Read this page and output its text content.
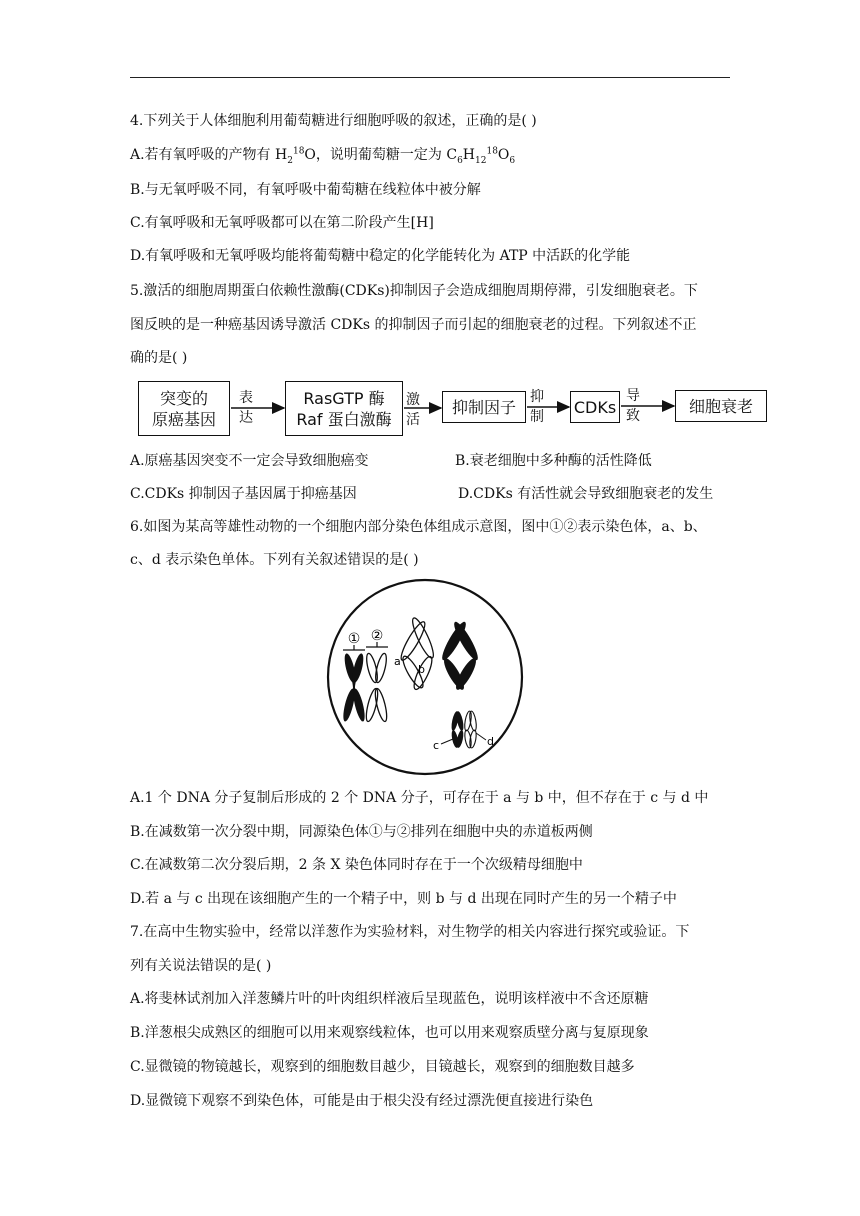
4.下列关于人体细胞利用葡萄糖进行细胞呼吸的叙述，正确的是( )
A.若有氧呼吸的产物有 $H_2^{18}O$，说明葡萄糖一定为 $C_6H_{12}^{18}O_6$
B.与无氧呼吸不同，有氧呼吸中葡萄糖在线粒体中被分解
C.有氧呼吸和无氧呼吸都可以在第二阶段产生[H]
D.有氧呼吸和无氧呼吸均能将葡萄糖中稳定的化学能转化为 ATP 中活跃的化学能
5.激活的细胞周期蛋白依赖性激酶(CDKs)抑制因子会造成细胞周期停滞，引发细胞衰老。下
图反映的是一种癌基因诱导激活 CDKs 的抑制因子而引起的细胞衰老的过程。下列叙述不正
确的是( )
突变的
原癌基因
RasGTP 酶
Raf 蛋白激酶
抑制因子	CDKs	细胞衰老
表达
激活
抑制
导致
A.原癌基因突变不一定会导致细胞癌变	B.衰老细胞中多种酶的活性降低
C.CDKs 抑制因子基因属于抑癌基因	D.CDKs 有活性就会导致细胞衰老的发生
6.如图为某高等雄性动物的一个细胞内部分染色体组成示意图，图中①②表示染色体，a、b、
c、d 表示染色单体。下列有关叙述错误的是( )
① ②
a
b
c	d
A.1 个 DNA 分子复制后形成的 2 个 DNA 分子，可存在于 a 与 b 中，但不存在于 c 与 d 中
B.在减数第一次分裂中期，同源染色体①与②排列在细胞中央的赤道板两侧
C.在减数第二次分裂后期，2 条 X 染色体同时存在于一个次级精母细胞中
D.若 a 与 c 出现在该细胞产生的一个精子中，则 b 与 d 出现在同时产生的另一个精子中
7.在高中生物实验中，经常以洋葱作为实验材料，对生物学的相关内容进行探究或验证。下
列有关说法错误的是( )
A.将斐林试剂加入洋葱鳞片叶的叶肉组织样液后呈现蓝色，说明该样液中不含还原糖
B.洋葱根尖成熟区的细胞可以用来观察线粒体，也可以用来观察质壁分离与复原现象
C.显微镜的物镜越长，观察到的细胞数目越少，目镜越长，观察到的细胞数目越多
D.显微镜下观察不到染色体，可能是由于根尖没有经过漂洗便直接进行染色
